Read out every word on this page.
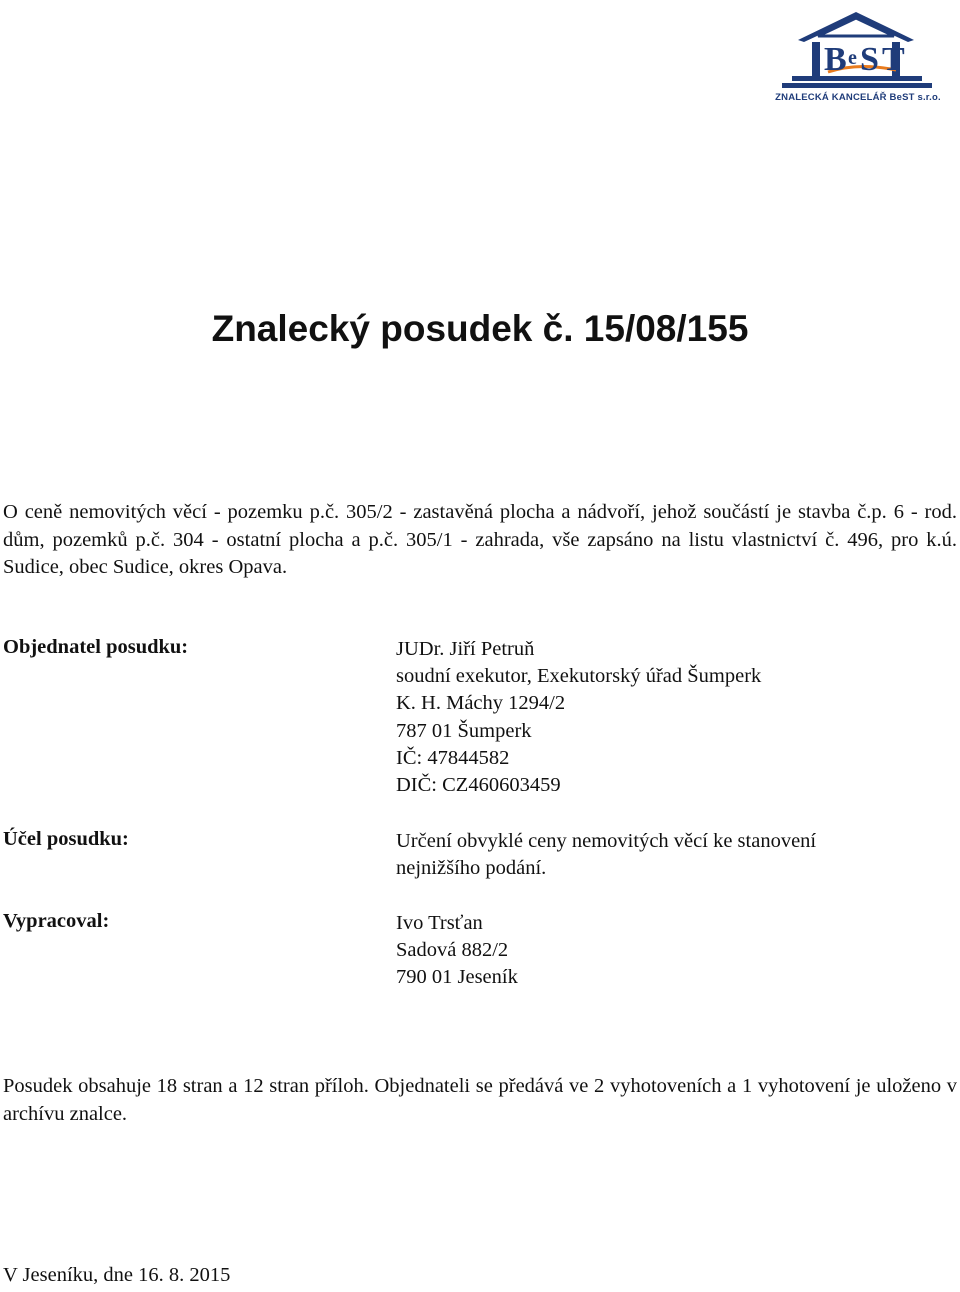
B e S T
ZNALECKÁ KANCELÁŘ BeST s.r.o.
Znalecký posudek č. 15/08/155

O ceně nemovitých věcí - pozemku p.č. 305/2 - zastavěná plocha a nádvoří, jehož součástí je stavba č.p. 6 - rod. dům, pozemků p.č. 304 - ostatní plocha a p.č. 305/1 - zahrada, vše zapsáno na listu vlastnictví č. 496, pro k.ú. Sudice, obec Sudice, okres Opava.

Objednatel posudku:	JUDr. Jiří Petruň
soudní exekutor, Exekutorský úřad Šumperk
K. H. Máchy 1294/2
787 01 Šumperk
IČ: 47844582
DIČ: CZ460603459
Účel posudku:	Určení obvyklé ceny nemovitých věcí ke stanovení
nejnižšího podání.
Vypracoval:	Ivo Trsťan
Sadová 882/2
790 01 Jeseník

Posudek obsahuje 18 stran a 12 stran příloh. Objednateli se předává ve 2 vyhotoveních a 1 vyhotovení je uloženo v archívu znalce.

V Jeseníku, dne 16. 8. 2015
